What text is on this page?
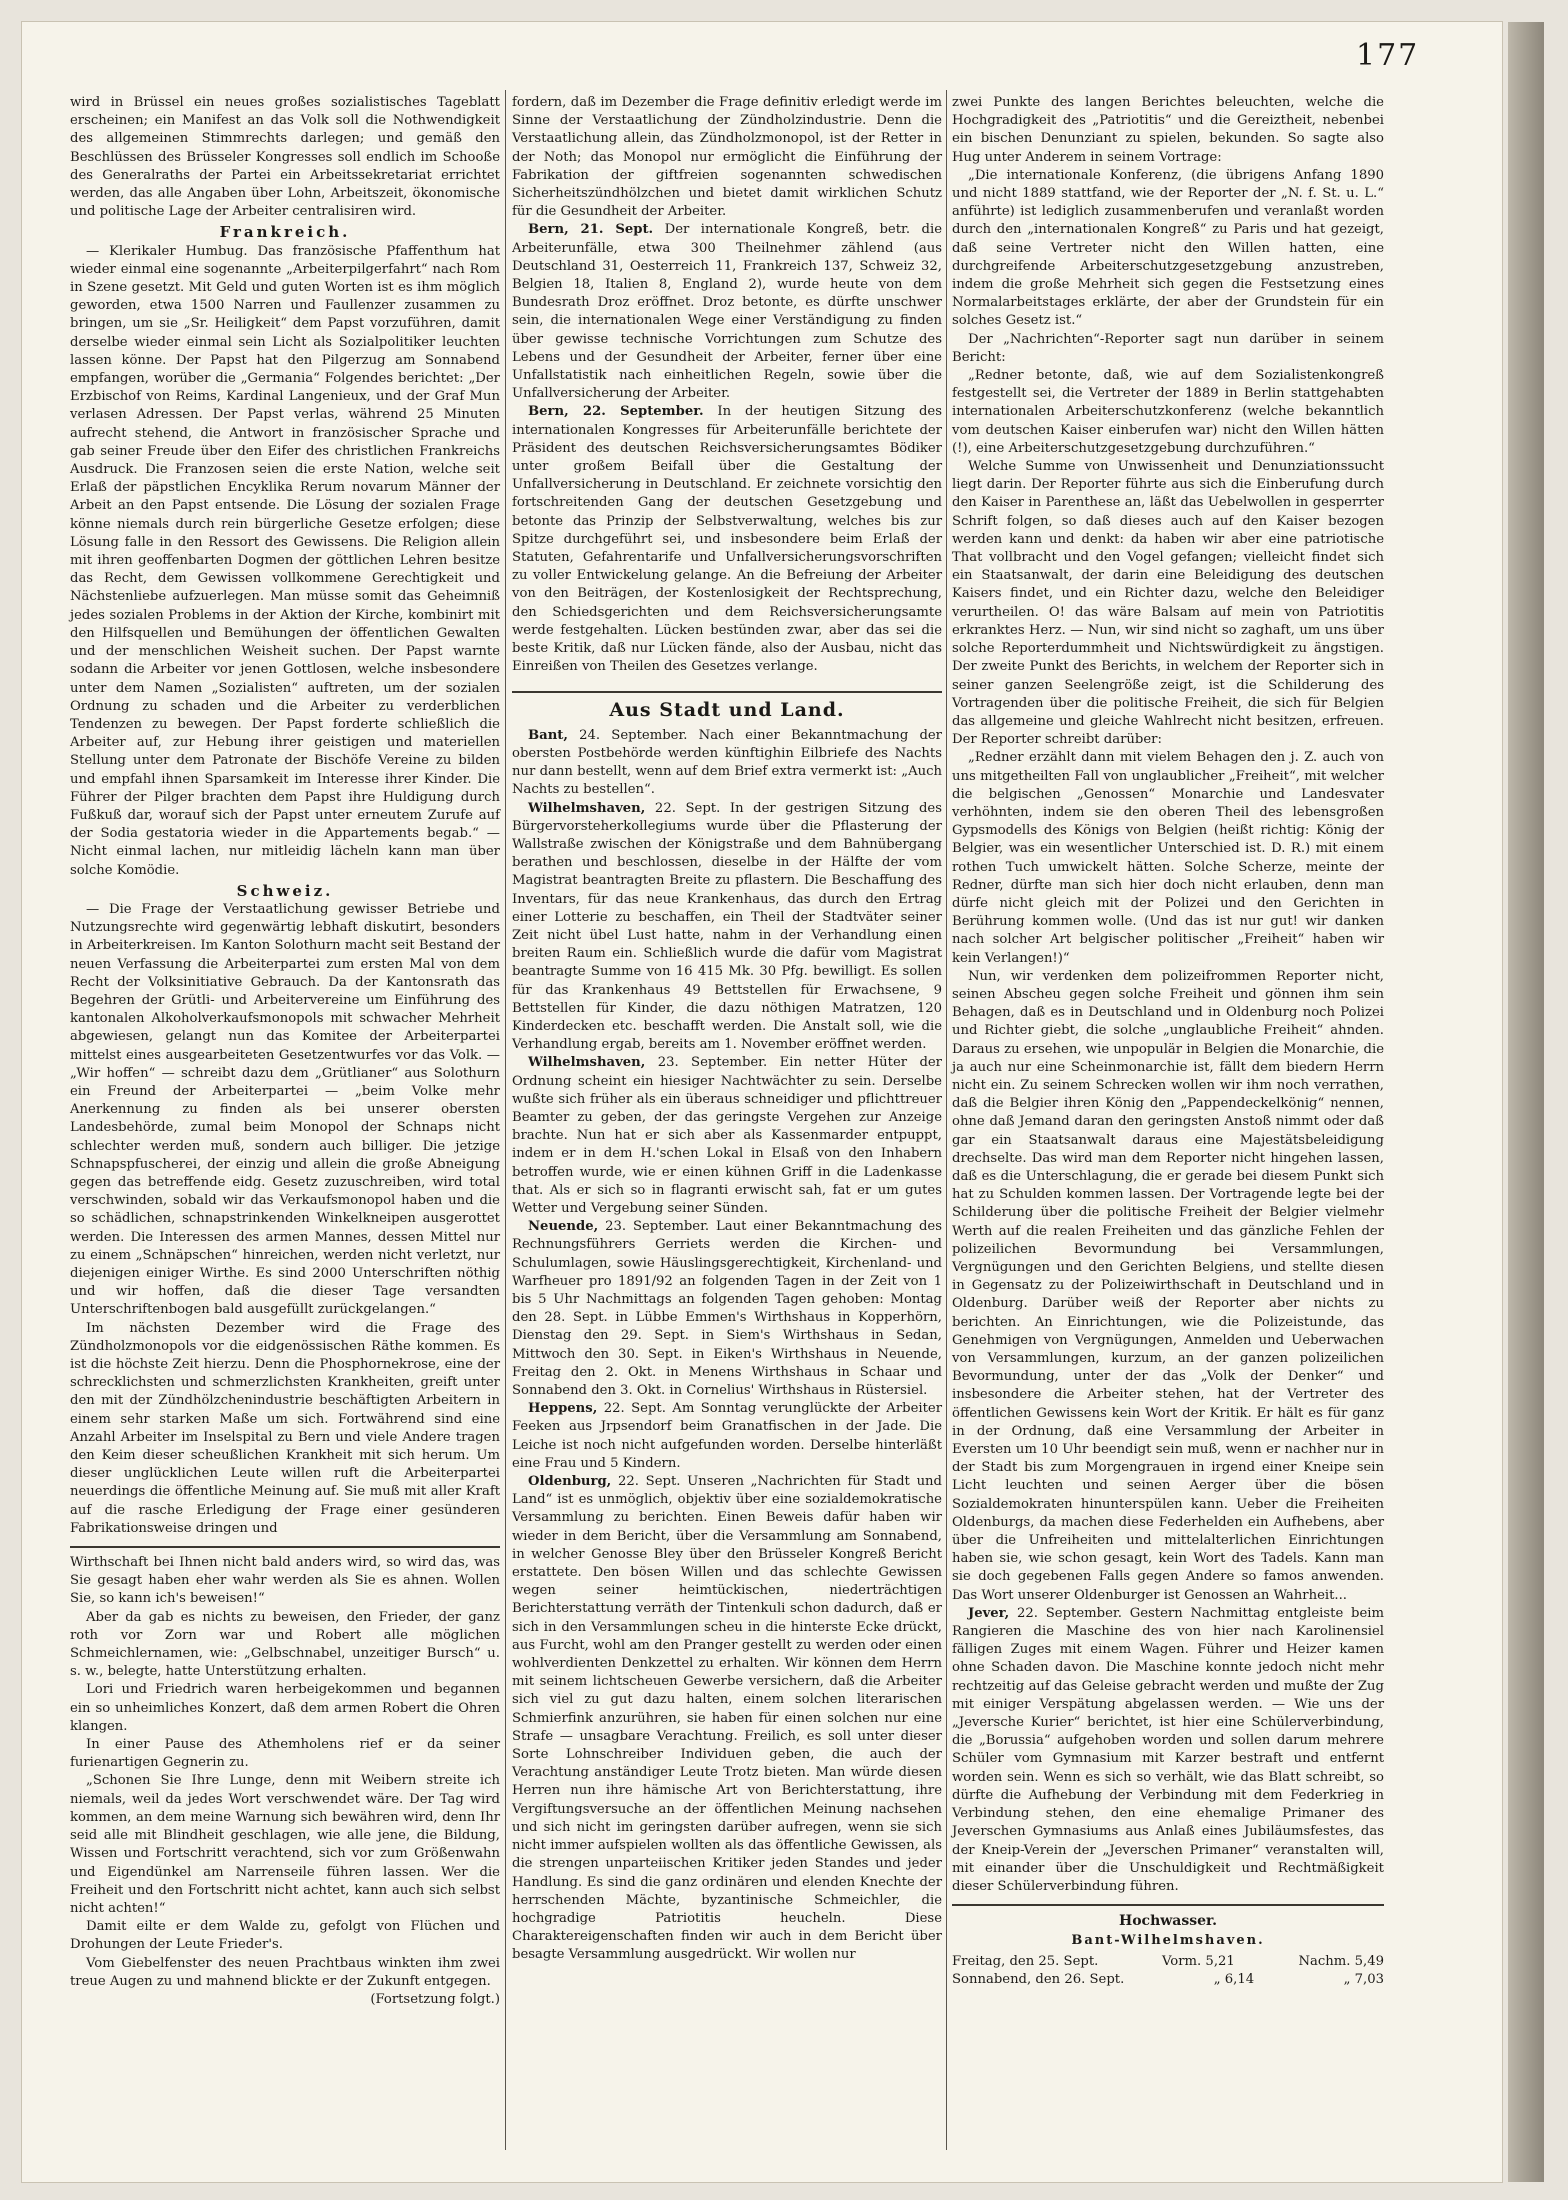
177

wird in Brüssel ein neues großes sozialistisches Tageblatt erscheinen; ein Manifest an das Volk soll die Nothwendigkeit des allgemeinen Stimmrechts darlegen; und gemäß den Beschlüssen des Brüsseler Kongresses soll endlich im Schooße des Generalraths der Partei ein Arbeitssekretariat errichtet werden, das alle Angaben über Lohn, Arbeitszeit, ökonomische und politische Lage der Arbeiter centralisiren wird.

Frankreich.

— Klerikaler Humbug. Das französische Pfaffenthum hat wieder einmal eine sogenannte „Arbeiterpilgerfahrt“ nach Rom in Szene gesetzt. Mit Geld und guten Worten ist es ihm möglich geworden, etwa 1500 Narren und Faullenzer zusammen zu bringen, um sie „Sr. Heiligkeit“ dem Papst vorzuführen, damit derselbe wieder einmal sein Licht als Sozialpolitiker leuchten lassen könne. Der Papst hat den Pilgerzug am Sonnabend empfangen, worüber die „Germania“ Folgendes berichtet: „Der Erzbischof von Reims, Kardinal Langenieux, und der Graf Mun verlasen Adressen. Der Papst verlas, während 25 Minuten aufrecht stehend, die Antwort in französischer Sprache und gab seiner Freude über den Eifer des christlichen Frankreichs Ausdruck. Die Franzosen seien die erste Nation, welche seit Erlaß der päpstlichen Encyklika Rerum novarum Männer der Arbeit an den Papst entsende. Die Lösung der sozialen Frage könne niemals durch rein bürgerliche Gesetze erfolgen; diese Lösung falle in den Ressort des Gewissens. Die Religion allein mit ihren geoffenbarten Dogmen der göttlichen Lehren besitze das Recht, dem Gewissen vollkommene Gerechtigkeit und Nächstenliebe aufzuerlegen. Man müsse somit das Geheimniß jedes sozialen Problems in der Aktion der Kirche, kombinirt mit den Hilfsquellen und Bemühungen der öffentlichen Gewalten und der menschlichen Weisheit suchen. Der Papst warnte sodann die Arbeiter vor jenen Gottlosen, welche insbesondere unter dem Namen „Sozialisten“ auftreten, um der sozialen Ordnung zu schaden und die Arbeiter zu verderblichen Tendenzen zu bewegen. Der Papst forderte schließlich die Arbeiter auf, zur Hebung ihrer geistigen und materiellen Stellung unter dem Patronate der Bischöfe Vereine zu bilden und empfahl ihnen Sparsamkeit im Interesse ihrer Kinder. Die Führer der Pilger brachten dem Papst ihre Huldigung durch Fußkuß dar, worauf sich der Papst unter erneutem Zurufe auf der Sodia gestatoria wieder in die Appartements begab.“ — Nicht einmal lachen, nur mitleidig lächeln kann man über solche Komödie.

Schweiz.

— Die Frage der Verstaatlichung gewisser Betriebe und Nutzungsrechte wird gegenwärtig lebhaft diskutirt, besonders in Arbeiterkreisen. Im Kanton Solothurn macht seit Bestand der neuen Verfassung die Arbeiterpartei zum ersten Mal von dem Recht der Volksinitiative Gebrauch. Da der Kantonsrath das Begehren der Grütli- und Arbeitervereine um Einführung des kantonalen Alkoholverkaufsmonopols mit schwacher Mehrheit abgewiesen, gelangt nun das Komitee der Arbeiterpartei mittelst eines ausgearbeiteten Gesetzentwurfes vor das Volk. — „Wir hoffen“ — schreibt dazu dem „Grütlianer“ aus Solothurn ein Freund der Arbeiterpartei — „beim Volke mehr Anerkennung zu finden als bei unserer obersten Landesbehörde, zumal beim Monopol der Schnaps nicht schlechter werden muß, sondern auch billiger. Die jetzige Schnapspfuscherei, der einzig und allein die große Abneigung gegen das betreffende eidg. Gesetz zuzuschreiben, wird total verschwinden, sobald wir das Verkaufsmonopol haben und die so schädlichen, schnapstrinkenden Winkelkneipen ausgerottet werden. Die Interessen des armen Mannes, dessen Mittel nur zu einem „Schnäpschen“ hinreichen, werden nicht verletzt, nur diejenigen einiger Wirthe. Es sind 2000 Unterschriften nöthig und wir hoffen, daß die dieser Tage versandten Unterschriftenbogen bald ausgefüllt zurückgelangen.“

Im nächsten Dezember wird die Frage des Zündholzmonopols vor die eidgenössischen Räthe kommen. Es ist die höchste Zeit hierzu. Denn die Phosphornekrose, eine der schrecklichsten und schmerzlichsten Krankheiten, greift unter den mit der Zündhölzchenindustrie beschäftigten Arbeitern in einem sehr starken Maße um sich. Fortwährend sind eine Anzahl Arbeiter im Inselspital zu Bern und viele Andere tragen den Keim dieser scheußlichen Krankheit mit sich herum. Um dieser unglücklichen Leute willen ruft die Arbeiterpartei neuerdings die öffentliche Meinung auf. Sie muß mit aller Kraft auf die rasche Erledigung der Frage einer gesünderen Fabrikationsweise dringen und

Wirthschaft bei Ihnen nicht bald anders wird, so wird das, was Sie gesagt haben eher wahr werden als Sie es ahnen. Wollen Sie, so kann ich's beweisen!“

Aber da gab es nichts zu beweisen, den Frieder, der ganz roth vor Zorn war und Robert alle möglichen Schmeichlernamen, wie: „Gelbschnabel, unzeitiger Bursch“ u. s. w., belegte, hatte Unterstützung erhalten.

Lori und Friedrich waren herbeigekommen und begannen ein so unheimliches Konzert, daß dem armen Robert die Ohren klangen.

In einer Pause des Athemholens rief er da seiner furienartigen Gegnerin zu.

„Schonen Sie Ihre Lunge, denn mit Weibern streite ich niemals, weil da jedes Wort verschwendet wäre. Der Tag wird kommen, an dem meine Warnung sich bewähren wird, denn Ihr seid alle mit Blindheit geschlagen, wie alle jene, die Bildung, Wissen und Fortschritt verachtend, sich vor zum Größenwahn und Eigendünkel am Narrenseile führen lassen. Wer die Freiheit und den Fortschritt nicht achtet, kann auch sich selbst nicht achten!“

Damit eilte er dem Walde zu, gefolgt von Flüchen und Drohungen der Leute Frieder's.

Vom Giebelfenster des neuen Prachtbaus winkten ihm zwei treue Augen zu und mahnend blickte er der Zukunft entgegen.

(Fortsetzung folgt.)

fordern, daß im Dezember die Frage definitiv erledigt werde im Sinne der Verstaatlichung der Zündholzindustrie. Denn die Verstaatlichung allein, das Zündholzmonopol, ist der Retter in der Noth; das Monopol nur ermöglicht die Einführung der Fabrikation der giftfreien sogenannten schwedischen Sicherheitszündhölzchen und bietet damit wirklichen Schutz für die Gesundheit der Arbeiter.

Bern, 21. Sept. Der internationale Kongreß, betr. die Arbeiterunfälle, etwa 300 Theilnehmer zählend (aus Deutschland 31, Oesterreich 11, Frankreich 137, Schweiz 32, Belgien 18, Italien 8, England 2), wurde heute von dem Bundesrath Droz eröffnet. Droz betonte, es dürfte unschwer sein, die internationalen Wege einer Verständigung zu finden über gewisse technische Vorrichtungen zum Schutze des Lebens und der Gesundheit der Arbeiter, ferner über eine Unfallstatistik nach einheitlichen Regeln, sowie über die Unfallversicherung der Arbeiter.

Bern, 22. September. In der heutigen Sitzung des internationalen Kongresses für Arbeiterunfälle berichtete der Präsident des deutschen Reichsversicherungsamtes Bödiker unter großem Beifall über die Gestaltung der Unfallversicherung in Deutschland. Er zeichnete vorsichtig den fortschreitenden Gang der deutschen Gesetzgebung und betonte das Prinzip der Selbstverwaltung, welches bis zur Spitze durchgeführt sei, und insbesondere beim Erlaß der Statuten, Gefahrentarife und Unfallversicherungsvorschriften zu voller Entwickelung gelange. An die Befreiung der Arbeiter von den Beiträgen, der Kostenlosigkeit der Rechtsprechung, den Schiedsgerichten und dem Reichsversicherungsamte werde festgehalten. Lücken bestünden zwar, aber das sei die beste Kritik, daß nur Lücken fände, also der Ausbau, nicht das Einreißen von Theilen des Gesetzes verlange.

Aus Stadt und Land.

Bant, 24. September. Nach einer Bekanntmachung der obersten Postbehörde werden künftighin Eilbriefe des Nachts nur dann bestellt, wenn auf dem Brief extra vermerkt ist: „Auch Nachts zu bestellen“.

Wilhelmshaven, 22. Sept. In der gestrigen Sitzung des Bürgervorsteherkollegiums wurde über die Pflasterung der Wallstraße zwischen der Königstraße und dem Bahnübergang berathen und beschlossen, dieselbe in der Hälfte der vom Magistrat beantragten Breite zu pflastern. Die Beschaffung des Inventars, für das neue Krankenhaus, das durch den Ertrag einer Lotterie zu beschaffen, ein Theil der Stadtväter seiner Zeit nicht übel Lust hatte, nahm in der Verhandlung einen breiten Raum ein. Schließlich wurde die dafür vom Magistrat beantragte Summe von 16 415 Mk. 30 Pfg. bewilligt. Es sollen für das Krankenhaus 49 Bettstellen für Erwachsene, 9 Bettstellen für Kinder, die dazu nöthigen Matratzen, 120 Kinderdecken etc. beschafft werden. Die Anstalt soll, wie die Verhandlung ergab, bereits am 1. November eröffnet werden.

Wilhelmshaven, 23. September. Ein netter Hüter der Ordnung scheint ein hiesiger Nachtwächter zu sein. Derselbe wußte sich früher als ein überaus schneidiger und pflichttreuer Beamter zu geben, der das geringste Vergehen zur Anzeige brachte. Nun hat er sich aber als Kassenmarder entpuppt, indem er in dem H.'schen Lokal in Elsaß von den Inhabern betroffen wurde, wie er einen kühnen Griff in die Ladenkasse that. Als er sich so in flagranti erwischt sah, fat er um gutes Wetter und Vergebung seiner Sünden.

Neuende, 23. September. Laut einer Bekanntmachung des Rechnungsführers Gerriets werden die Kirchen- und Schulumlagen, sowie Häuslingsgerechtigkeit, Kirchenland- und Warfheuer pro 1891/92 an folgenden Tagen in der Zeit von 1 bis 5 Uhr Nachmittags an folgenden Tagen gehoben: Montag den 28. Sept. in Lübbe Emmen's Wirthshaus in Kopperhörn, Dienstag den 29. Sept. in Siem's Wirthshaus in Sedan, Mittwoch den 30. Sept. in Eiken's Wirthshaus in Neuende, Freitag den 2. Okt. in Menens Wirthshaus in Schaar und Sonnabend den 3. Okt. in Cornelius' Wirthshaus in Rüstersiel.

Heppens, 22. Sept. Am Sonntag verunglückte der Arbeiter Feeken aus Jrpsendorf beim Granatfischen in der Jade. Die Leiche ist noch nicht aufgefunden worden. Derselbe hinterläßt eine Frau und 5 Kindern.

Oldenburg, 22. Sept. Unseren „Nachrichten für Stadt und Land“ ist es unmöglich, objektiv über eine sozialdemokratische Versammlung zu berichten. Einen Beweis dafür haben wir wieder in dem Bericht, über die Versammlung am Sonnabend, in welcher Genosse Bley über den Brüsseler Kongreß Bericht erstattete. Den bösen Willen und das schlechte Gewissen wegen seiner heimtückischen, niederträchtigen Berichterstattung verräth der Tintenkuli schon dadurch, daß er sich in den Versammlungen scheu in die hinterste Ecke drückt, aus Furcht, wohl am den Pranger gestellt zu werden oder einen wohlverdienten Denkzettel zu erhalten. Wir können dem Herrn mit seinem lichtscheuen Gewerbe versichern, daß die Arbeiter sich viel zu gut dazu halten, einem solchen literarischen Schmierfink anzurühren, sie haben für einen solchen nur eine Strafe — unsagbare Verachtung. Freilich, es soll unter dieser Sorte Lohnschreiber Individuen geben, die auch der Verachtung anständiger Leute Trotz bieten. Man würde diesen Herren nun ihre hämische Art von Berichterstattung, ihre Vergiftungsversuche an der öffentlichen Meinung nachsehen und sich nicht im geringsten darüber aufregen, wenn sie sich nicht immer aufspielen wollten als das öffentliche Gewissen, als die strengen unparteiischen Kritiker jeden Standes und jeder Handlung. Es sind die ganz ordinären und elenden Knechte der herrschenden Mächte, byzantinische Schmeichler, die hochgradige Patriotitis heucheln. Diese Charaktereigenschaften finden wir auch in dem Bericht über besagte Versammlung ausgedrückt. Wir wollen nur

zwei Punkte des langen Berichtes beleuchten, welche die Hochgradigkeit des „Patriotitis“ und die Gereiztheit, nebenbei ein bischen Denunziant zu spielen, bekunden. So sagte also Hug unter Anderem in seinem Vortrage:

„Die internationale Konferenz, (die übrigens Anfang 1890 und nicht 1889 stattfand, wie der Reporter der „N. f. St. u. L.“ anführte) ist lediglich zusammenberufen und veranlaßt worden durch den „internationalen Kongreß“ zu Paris und hat gezeigt, daß seine Vertreter nicht den Willen hatten, eine durchgreifende Arbeiterschutzgesetzgebung anzustreben, indem die große Mehrheit sich gegen die Festsetzung eines Normalarbeitstages erklärte, der aber der Grundstein für ein solches Gesetz ist.“

Der „Nachrichten“-Reporter sagt nun darüber in seinem Bericht:

„Redner betonte, daß, wie auf dem Sozialistenkongreß festgestellt sei, die Vertreter der 1889 in Berlin stattgehabten internationalen Arbeiterschutzkonferenz (welche bekanntlich vom deutschen Kaiser einberufen war) nicht den Willen hätten (!), eine Arbeiterschutzgesetzgebung durchzuführen.“

Welche Summe von Unwissenheit und Denunziationssucht liegt darin. Der Reporter führte aus sich die Einberufung durch den Kaiser in Parenthese an, läßt das Uebelwollen in gesperrter Schrift folgen, so daß dieses auch auf den Kaiser bezogen werden kann und denkt: da haben wir aber eine patriotische That vollbracht und den Vogel gefangen; vielleicht findet sich ein Staatsanwalt, der darin eine Beleidigung des deutschen Kaisers findet, und ein Richter dazu, welche den Beleidiger verurtheilen. O! das wäre Balsam auf mein von Patriotitis erkranktes Herz. — Nun, wir sind nicht so zaghaft, um uns über solche Reporterdummheit und Nichtswürdigkeit zu ängstigen. Der zweite Punkt des Berichts, in welchem der Reporter sich in seiner ganzen Seelengröße zeigt, ist die Schilderung des Vortragenden über die politische Freiheit, die sich für Belgien das allgemeine und gleiche Wahlrecht nicht besitzen, erfreuen. Der Reporter schreibt darüber:

„Redner erzählt dann mit vielem Behagen den j. Z. auch von uns mitgetheilten Fall von unglaublicher „Freiheit“, mit welcher die belgischen „Genossen“ Monarchie und Landesvater verhöhnten, indem sie den oberen Theil des lebensgroßen Gypsmodells des Königs von Belgien (heißt richtig: König der Belgier, was ein wesentlicher Unterschied ist. D. R.) mit einem rothen Tuch umwickelt hätten. Solche Scherze, meinte der Redner, dürfte man sich hier doch nicht erlauben, denn man dürfe nicht gleich mit der Polizei und den Gerichten in Berührung kommen wolle. (Und das ist nur gut! wir danken nach solcher Art belgischer politischer „Freiheit“ haben wir kein Verlangen!)“

Nun, wir verdenken dem polizeifrommen Reporter nicht, seinen Abscheu gegen solche Freiheit und gönnen ihm sein Behagen, daß es in Deutschland und in Oldenburg noch Polizei und Richter giebt, die solche „unglaubliche Freiheit“ ahnden. Daraus zu ersehen, wie unpopulär in Belgien die Monarchie, die ja auch nur eine Scheinmonarchie ist, fällt dem biedern Herrn nicht ein. Zu seinem Schrecken wollen wir ihm noch verrathen, daß die Belgier ihren König den „Pappendeckelkönig“ nennen, ohne daß Jemand daran den geringsten Anstoß nimmt oder daß gar ein Staatsanwalt daraus eine Majestätsbeleidigung drechselte. Das wird man dem Reporter nicht hingehen lassen, daß es die Unterschlagung, die er gerade bei diesem Punkt sich hat zu Schulden kommen lassen. Der Vortragende legte bei der Schilderung über die politische Freiheit der Belgier vielmehr Werth auf die realen Freiheiten und das gänzliche Fehlen der polizeilichen Bevormundung bei Versammlungen, Vergnügungen und den Gerichten Belgiens, und stellte diesen in Gegensatz zu der Polizeiwirthschaft in Deutschland und in Oldenburg. Darüber weiß der Reporter aber nichts zu berichten. An Einrichtungen, wie die Polizeistunde, das Genehmigen von Vergnügungen, Anmelden und Ueberwachen von Versammlungen, kurzum, an der ganzen polizeilichen Bevormundung, unter der das „Volk der Denker“ und insbesondere die Arbeiter stehen, hat der Vertreter des öffentlichen Gewissens kein Wort der Kritik. Er hält es für ganz in der Ordnung, daß eine Versammlung der Arbeiter in Eversten um 10 Uhr beendigt sein muß, wenn er nachher nur in der Stadt bis zum Morgengrauen in irgend einer Kneipe sein Licht leuchten und seinen Aerger über die bösen Sozialdemokraten hinunterspülen kann. Ueber die Freiheiten Oldenburgs, da machen diese Federhelden ein Aufhebens, aber über die Unfreiheiten und mittelalterlichen Einrichtungen haben sie, wie schon gesagt, kein Wort des Tadels. Kann man sie doch gegebenen Falls gegen Andere so famos anwenden. Das Wort unserer Oldenburger ist Genossen an Wahrheit...

Jever, 22. September. Gestern Nachmittag entgleiste beim Rangieren die Maschine des von hier nach Karolinensiel fälligen Zuges mit einem Wagen. Führer und Heizer kamen ohne Schaden davon. Die Maschine konnte jedoch nicht mehr rechtzeitig auf das Geleise gebracht werden und mußte der Zug mit einiger Verspätung abgelassen werden. — Wie uns der „Jeversche Kurier“ berichtet, ist hier eine Schülerverbindung, die „Borussia“ aufgehoben worden und sollen darum mehrere Schüler vom Gymnasium mit Karzer bestraft und entfernt worden sein. Wenn es sich so verhält, wie das Blatt schreibt, so dürfte die Aufhebung der Verbindung mit dem Federkrieg in Verbindung stehen, den eine ehemalige Primaner des Jeverschen Gymnasiums aus Anlaß eines Jubiläumsfestes, das der Kneip-Verein der „Jeverschen Primaner“ veranstalten will, mit einander über die Unschuldigkeit und Rechtmäßigkeit dieser Schülerverbindung führen.

Hochwasser.
Bant-Wilhelmshaven.
Freitag, den 25. Sept.	Vorm. 5,21	Nachm. 5,49
Sonnabend, den 26. Sept.	„ 6,14	„ 7,03
